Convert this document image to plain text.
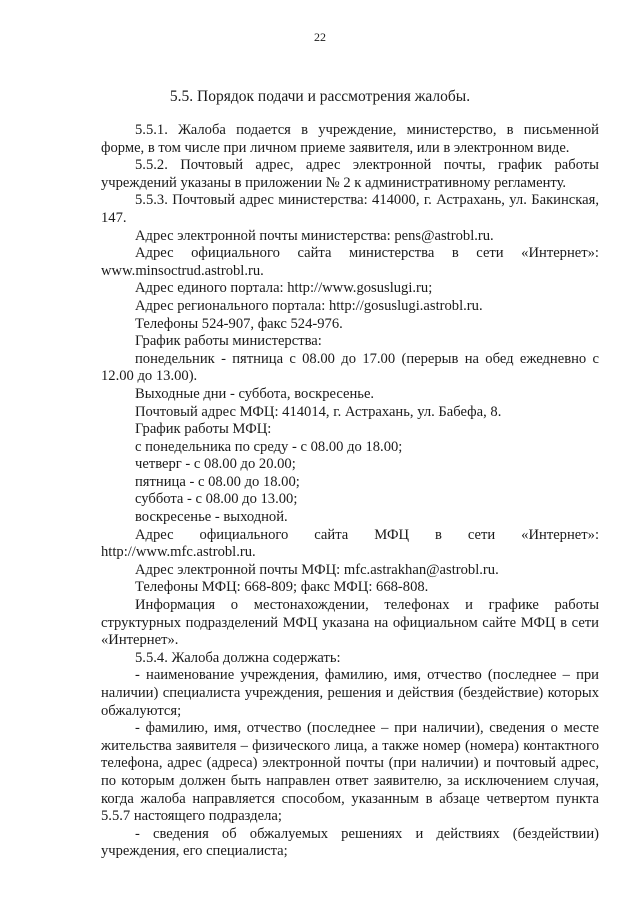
22
5.5. Порядок подачи и рассмотрения жалобы.

5.5.1. Жалоба подается в учреждение, министерство, в письменной форме, в том числе при личном приеме заявителя, или в электронном виде.

5.5.2. Почтовый адрес, адрес электронной почты, график работы учреждений указаны в приложении № 2 к административному регламенту.

5.5.3. Почтовый адрес министерства: 414000, г. Астрахань, ул. Бакинская, 147.

Адрес электронной почты министерства: pens@astrobl.ru.

Адрес официального сайта министерства в сети «Интернет»: www.minsoctrud.astrobl.ru.

Адрес единого портала: http://www.gosuslugi.ru;

Адрес регионального портала: http://gosuslugi.astrobl.ru.

Телефоны 524-907, факс 524-976.

График работы министерства:

понедельник - пятница с 08.00 до 17.00 (перерыв на обед ежедневно с 12.00 до 13.00).

Выходные дни - суббота, воскресенье.

Почтовый адрес МФЦ: 414014, г. Астрахань, ул. Бабефа, 8.

График работы МФЦ:

с понедельника по среду - с 08.00 до 18.00;

четверг - с 08.00 до 20.00;

пятница - с 08.00 до 18.00;

суббота - с 08.00 до 13.00;

воскресенье - выходной.

Адрес официального сайта МФЦ в сети «Интернет»: http://www.mfc.astrobl.ru.

Адрес электронной почты МФЦ: mfc.astrakhan@astrobl.ru.

Телефоны МФЦ: 668-809; факс МФЦ: 668-808.

Информация о местонахождении, телефонах и графике работы структурных подразделений МФЦ указана на официальном сайте МФЦ в сети «Интернет».

5.5.4. Жалоба должна содержать:

- наименование учреждения, фамилию, имя, отчество (последнее – при наличии) специалиста учреждения, решения и действия (бездействие) которых обжалуются;

- фамилию, имя, отчество (последнее – при наличии), сведения о месте жительства заявителя – физического лица, а также номер (номера) контактного телефона, адрес (адреса) электронной почты (при наличии) и почтовый адрес, по которым должен быть направлен ответ заявителю, за исключением случая, когда жалоба направляется способом, указанным в абзаце четвертом пункта 5.5.7 настоящего подраздела;

- сведения об обжалуемых решениях и действиях (бездействии) учреждения, его специалиста;
